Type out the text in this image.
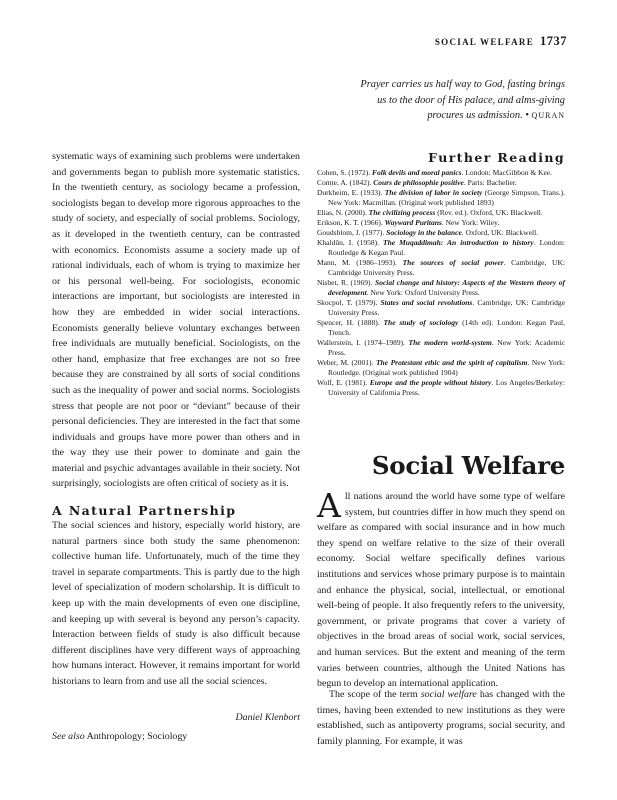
SOCIAL WELFARE 1737
Prayer carries us half way to God, fasting brings us to the door of His palace, and alms-giving procures us admission. • QURAN

systematic ways of examining such problems were undertaken and governments began to publish more systematic statistics. In the twentieth century, as sociology became a profession, sociologists began to develop more rigorous approaches to the study of society, and especially of social problems. Sociology, as it developed in the twentieth century, can be contrasted with economics. Economists assume a society made up of rational individuals, each of whom is trying to maximize her or his personal well-being. For sociologists, economic interactions are important, but sociologists are interested in how they are embedded in wider social interactions. Economists generally believe voluntary exchanges between free individuals are mutually beneficial. Sociologists, on the other hand, emphasize that free exchanges are not so free because they are constrained by all sorts of social conditions such as the inequality of power and social norms. Sociologists stress that people are not poor or “deviant” because of their personal deficiencies. They are interested in the fact that some individuals and groups have more power than others and in the way they use their power to dominate and gain the material and psychic advantages available in their society. Not surprisingly, sociologists are often critical of society as it is.

A Natural Partnership

The social sciences and history, especially world history, are natural partners since both study the same phenomenon: collective human life. Unfortunately, much of the time they travel in separate compartments. This is partly due to the high level of specialization of modern scholarship. It is difficult to keep up with the main developments of even one discipline, and keeping up with several is beyond any person’s capacity. Interaction between fields of study is also difficult because different disciplines have very different ways of approaching how humans interact. However, it remains important for world historians to learn from and use all the social sciences.

Daniel Klenbort
See also Anthropology; Sociology
Further Reading

Cohen, S. (1972). Folk devils and moral panics. London: MacGibbon & Kee.

Comte, A. (1842). Cours de philosophie positive. Paris: Bachelier.

Durkheim, E. (1933). The division of labor in society (George Simpson, Trans.). New York: Macmillan. (Original work published 1893)

Elias, N. (2000). The civilizing process (Rev. ed.). Oxford, UK: Blackwell.

Erikson, K. T. (1966). Wayward Puritans. New York: Wiley.

Goudsblom, J. (1977). Sociology in the balance. Oxford, UK: Blackwell.

Khaldûn, I. (1958). The Muqaddimah: An introduction to history. London: Routledge & Kegan Paul.

Mann, M. (1986–1993). The sources of social power. Cambridge, UK: Cambridge University Press.

Nisbet, R. (1969). Social change and history: Aspects of the Western theory of development. New York: Oxford University Press.

Skocpol, T. (1979). States and social revolutions. Cambridge, UK: Cambridge University Press.

Spencer, H. (1888). The study of sociology (14th ed). London: Kegan Paul, Trench.

Wallerstein, I. (1974–1989). The modern world-system. New York: Academic Press.

Weber, M. (2001). The Protestant ethic and the spirit of capitalism. New York: Routledge. (Original work published 1904)

Wolf, E. (1981). Europe and the people without history. Los Angeles/Berkeley: University of California Press.

Social Welfare

All nations around the world have some type of welfare system, but countries differ in how much they spend on welfare as compared with social insurance and in how much they spend on welfare relative to the size of their overall economy. Social welfare specifically defines various institutions and services whose primary purpose is to maintain and enhance the physical, social, intellectual, or emotional well-being of people. It also frequently refers to the university, government, or private programs that cover a variety of objectives in the broad areas of social work, social services, and human services. But the extent and meaning of the term varies between countries, although the United Nations has begun to develop an international application.

The scope of the term social welfare has changed with the times, having been extended to new institutions as they were established, such as antipoverty programs, social security, and family planning. For example, it was
